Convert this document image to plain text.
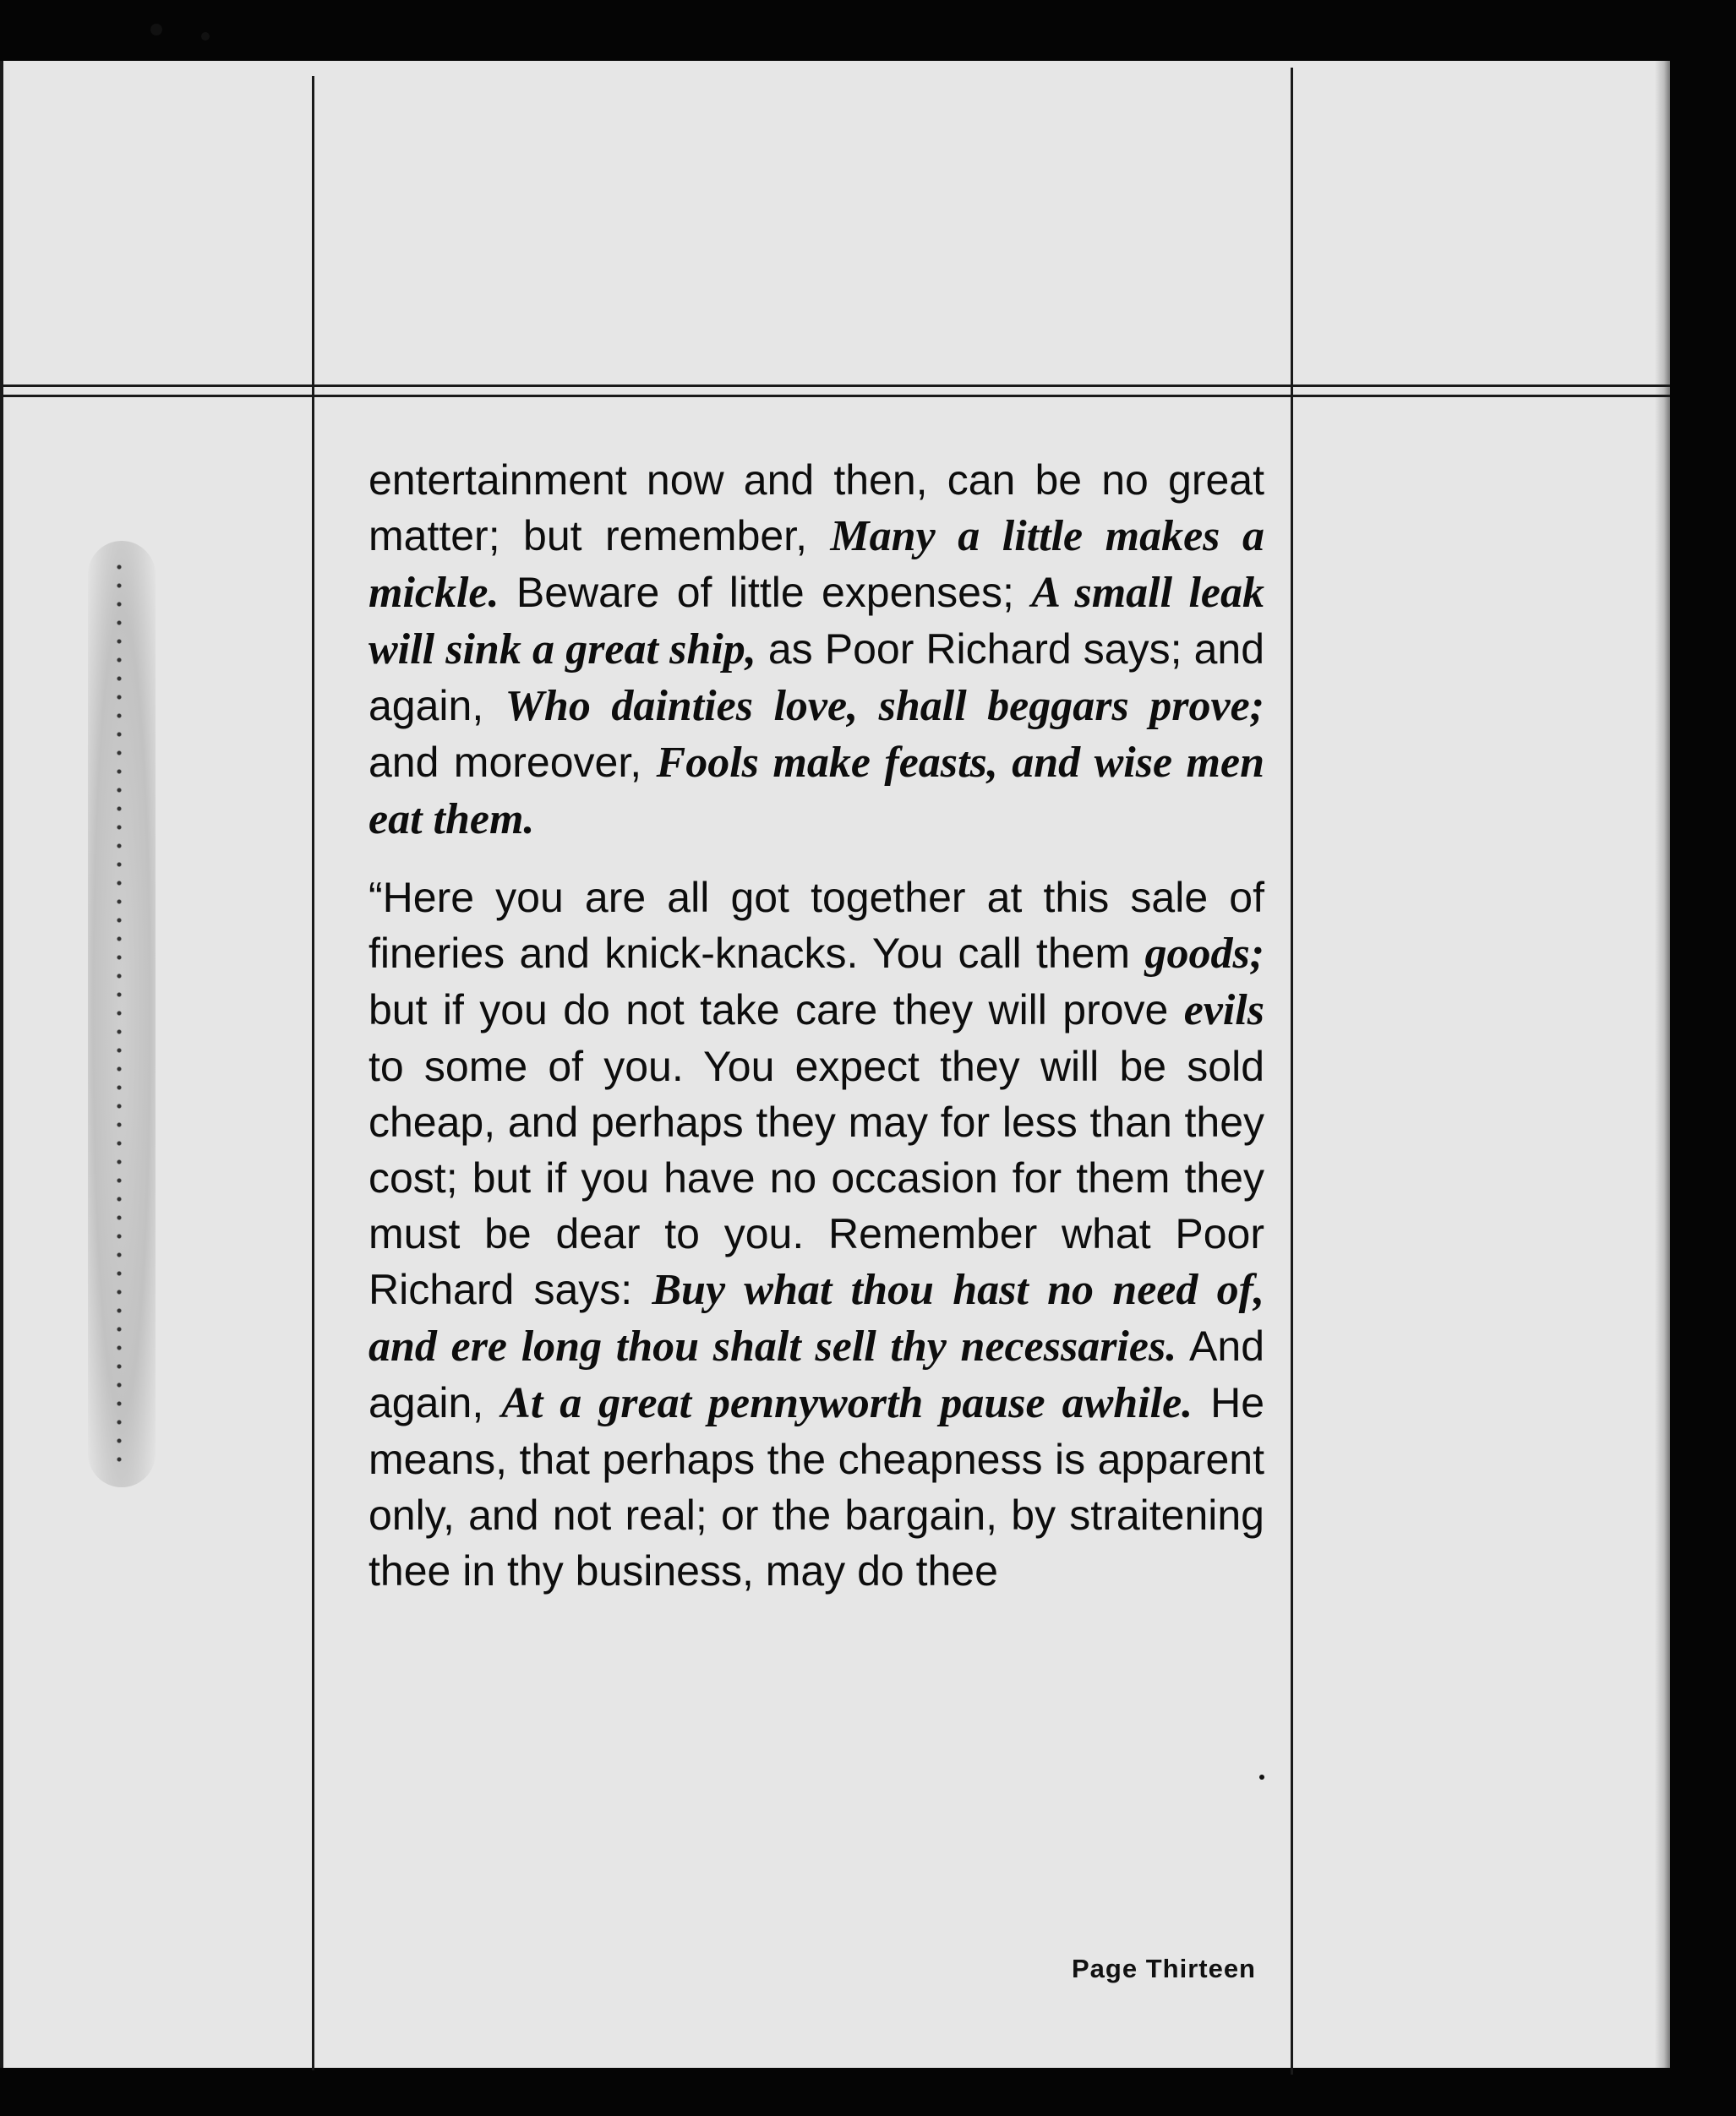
entertainment now and then, can be no great matter; but remember, Many a little makes a mickle. Beware of little expenses; A small leak will sink a great ship, as Poor Richard says; and again, Who dainties love, shall beggars prove; and moreover, Fools make feasts, and wise men eat them.

“Here you are all got together at this sale of fineries and knick-knacks. You call them goods; but if you do not take care they will prove evils to some of you. You expect they will be sold cheap, and perhaps they may for less than they cost; but if you have no occasion for them they must be dear to you. Remember what Poor Richard says: Buy what thou hast no need of, and ere long thou shalt sell thy necessaries. And again, At a great pennyworth pause awhile. He means, that perhaps the cheapness is apparent only, and not real; or the bargain, by straitening thee in thy business, may do thee

Page Thirteen
